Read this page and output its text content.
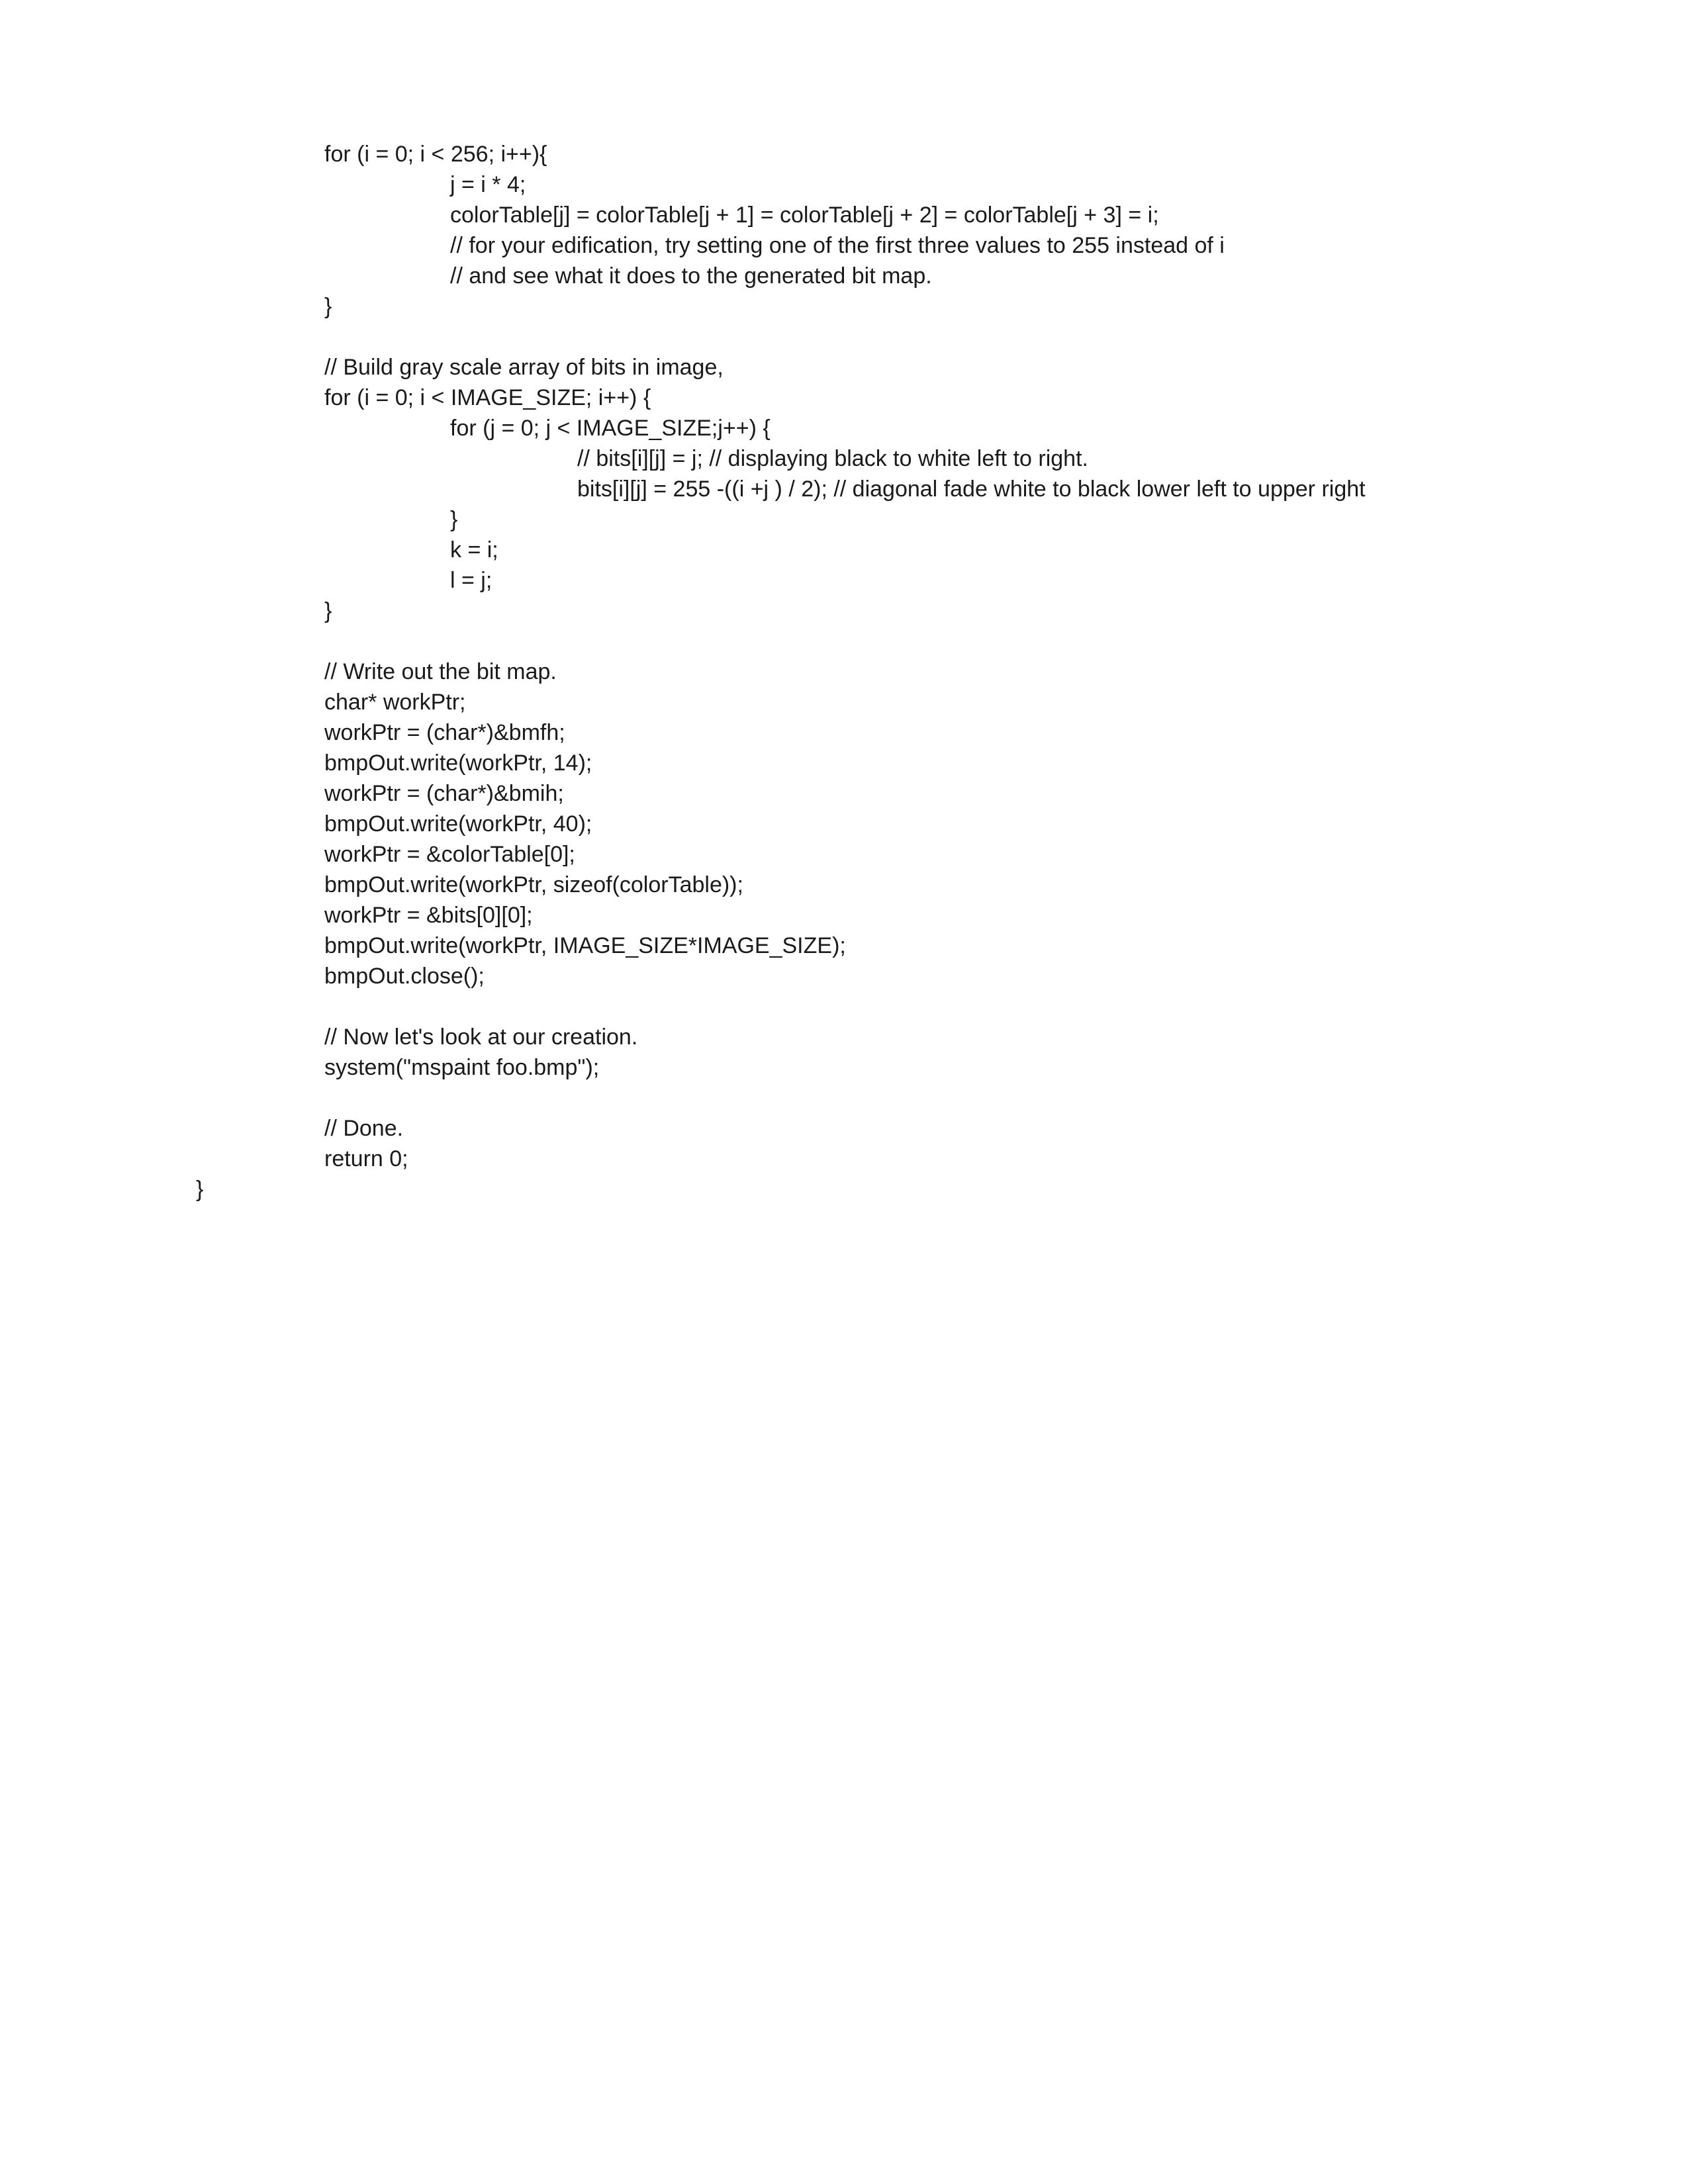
for (i = 0; i < 256; i++){
j = i * 4;
colorTable[j] = colorTable[j + 1] = colorTable[j + 2] = colorTable[j + 3] = i;
// for your edification, try setting one of the first three values to 255 instead of i
// and see what it does to the generated bit map.
}
// Build gray scale array of bits in image,
for (i = 0; i < IMAGE_SIZE; i++) {
for (j = 0; j < IMAGE_SIZE;j++) {
// bits[i][j] = j; // displaying black to white left to right.
bits[i][j] = 255 -((i +j ) / 2); // diagonal fade white to black lower left to upper right
}
k = i;
l = j;
}
// Write out the bit map.
char* workPtr;
workPtr = (char*)&bmfh;
bmpOut.write(workPtr, 14);
workPtr = (char*)&bmih;
bmpOut.write(workPtr, 40);
workPtr = &colorTable[0];
bmpOut.write(workPtr, sizeof(colorTable));
workPtr = &bits[0][0];
bmpOut.write(workPtr, IMAGE_SIZE*IMAGE_SIZE);
bmpOut.close();
// Now let's look at our creation.
system("mspaint foo.bmp");
// Done.
return 0;
}
